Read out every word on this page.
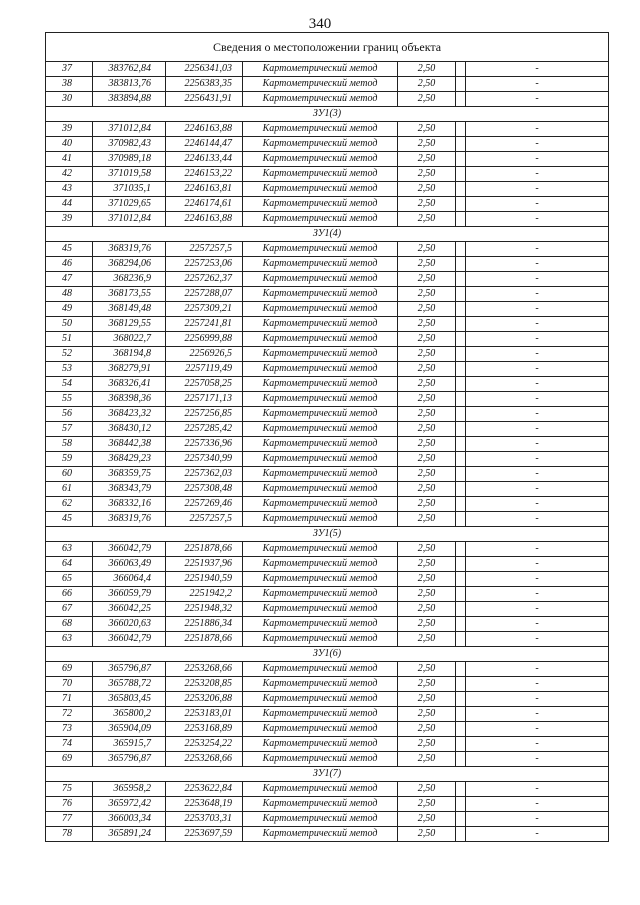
340
Сведения о местоположении границ объекта						
37	383762,84	2256341,03	Картометрический метод	2,50		-
38	383813,76	2256383,35	Картометрический метод	2,50		-
30	383894,88	2256431,91	Картометрический метод	2,50		-
ЗУ1(3)						
39	371012,84	2246163,88	Картометрический метод	2,50		-
40	370982,43	2246144,47	Картометрический метод	2,50		-
41	370989,18	2246133,44	Картометрический метод	2,50		-
42	371019,58	2246153,22	Картометрический метод	2,50		-
43	371035,1	2246163,81	Картометрический метод	2,50		-
44	371029,65	2246174,61	Картометрический метод	2,50		-
39	371012,84	2246163,88	Картометрический метод	2,50		-
ЗУ1(4)						
45	368319,76	2257257,5	Картометрический метод	2,50		-
46	368294,06	2257253,06	Картометрический метод	2,50		-
47	368236,9	2257262,37	Картометрический метод	2,50		-
48	368173,55	2257288,07	Картометрический метод	2,50		-
49	368149,48	2257309,21	Картометрический метод	2,50		-
50	368129,55	2257241,81	Картометрический метод	2,50		-
51	368022,7	2256999,88	Картометрический метод	2,50		-
52	368194,8	2256926,5	Картометрический метод	2,50		-
53	368279,91	2257119,49	Картометрический метод	2,50		-
54	368326,41	2257058,25	Картометрический метод	2,50		-
55	368398,36	2257171,13	Картометрический метод	2,50		-
56	368423,32	2257256,85	Картометрический метод	2,50		-
57	368430,12	2257285,42	Картометрический метод	2,50		-
58	368442,38	2257336,96	Картометрический метод	2,50		-
59	368429,23	2257340,99	Картометрический метод	2,50		-
60	368359,75	2257362,03	Картометрический метод	2,50		-
61	368343,79	2257308,48	Картометрический метод	2,50		-
62	368332,16	2257269,46	Картометрический метод	2,50		-
45	368319,76	2257257,5	Картометрический метод	2,50		-
ЗУ1(5)						
63	366042,79	2251878,66	Картометрический метод	2,50		-
64	366063,49	2251937,96	Картометрический метод	2,50		-
65	366064,4	2251940,59	Картометрический метод	2,50		-
66	366059,79	2251942,2	Картометрический метод	2,50		-
67	366042,25	2251948,32	Картометрический метод	2,50		-
68	366020,63	2251886,34	Картометрический метод	2,50		-
63	366042,79	2251878,66	Картометрический метод	2,50		-
ЗУ1(6)						
69	365796,87	2253268,66	Картометрический метод	2,50		-
70	365788,72	2253208,85	Картометрический метод	2,50		-
71	365803,45	2253206,88	Картометрический метод	2,50		-
72	365800,2	2253183,01	Картометрический метод	2,50		-
73	365904,09	2253168,89	Картометрический метод	2,50		-
74	365915,7	2253254,22	Картометрический метод	2,50		-
69	365796,87	2253268,66	Картометрический метод	2,50		-
ЗУ1(7)						
75	365958,2	2253622,84	Картометрический метод	2,50		-
76	365972,42	2253648,19	Картометрический метод	2,50		-
77	366003,34	2253703,31	Картометрический метод	2,50		-
78	365891,24	2253697,59	Картометрический метод	2,50		-
